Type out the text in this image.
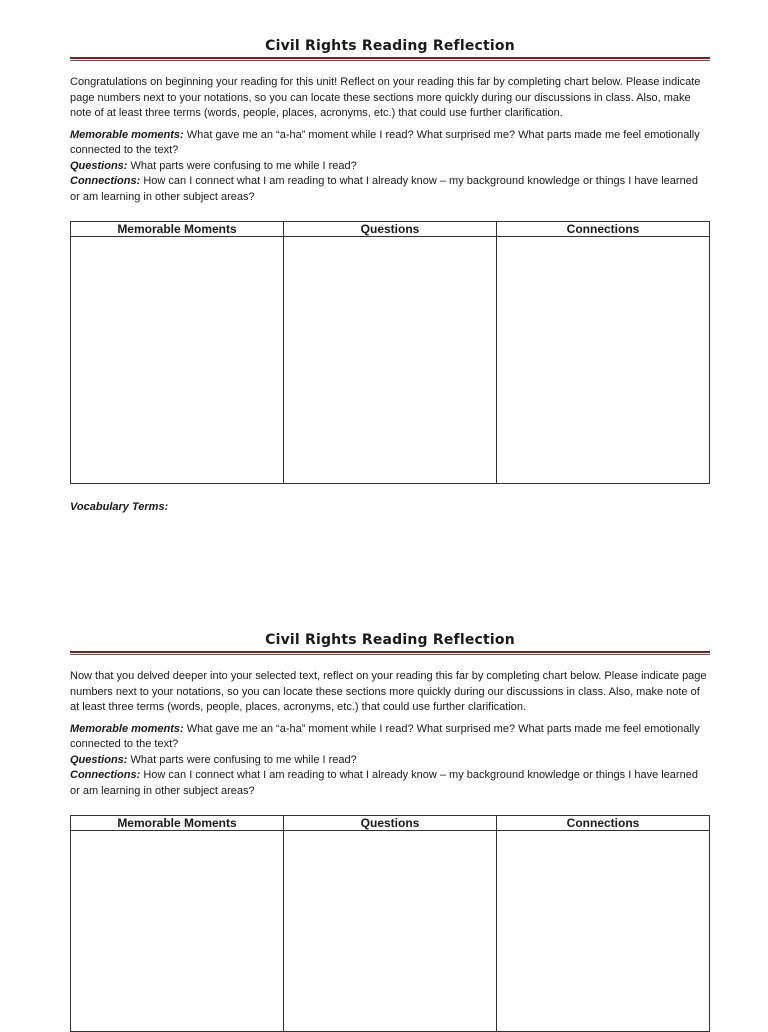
Civil Rights Reading Reflection

Congratulations on beginning your reading for this unit! Reflect on your reading this far by completing chart below. Please indicate page numbers next to your notations, so you can locate these sections more quickly during our discussions in class. Also, make note of at least three terms (words, people, places, acronyms, etc.) that could use further clarification.

Memorable moments: What gave me an “a-ha” moment while I read? What surprised me? What parts made me feel emotionally connected to the text?
Questions: What parts were confusing to me while I read?
Connections: How can I connect what I am reading to what I already know – my background knowledge or things I have learned or am learning in other subject areas?

Memorable Moments	Questions	Connections

Vocabulary Terms:
Civil Rights Reading Reflection

Now that you delved deeper into your selected text, reflect on your reading this far by completing chart below. Please indicate page numbers next to your notations, so you can locate these sections more quickly during our discussions in class. Also, make note of at least three terms (words, people, places, acronyms, etc.) that could use further clarification.

Memorable moments: What gave me an “a-ha” moment while I read? What surprised me? What parts made me feel emotionally connected to the text?
Questions: What parts were confusing to me while I read?
Connections: How can I connect what I am reading to what I already know – my background knowledge or things I have learned or am learning in other subject areas?

Memorable Moments	Questions	Connections
